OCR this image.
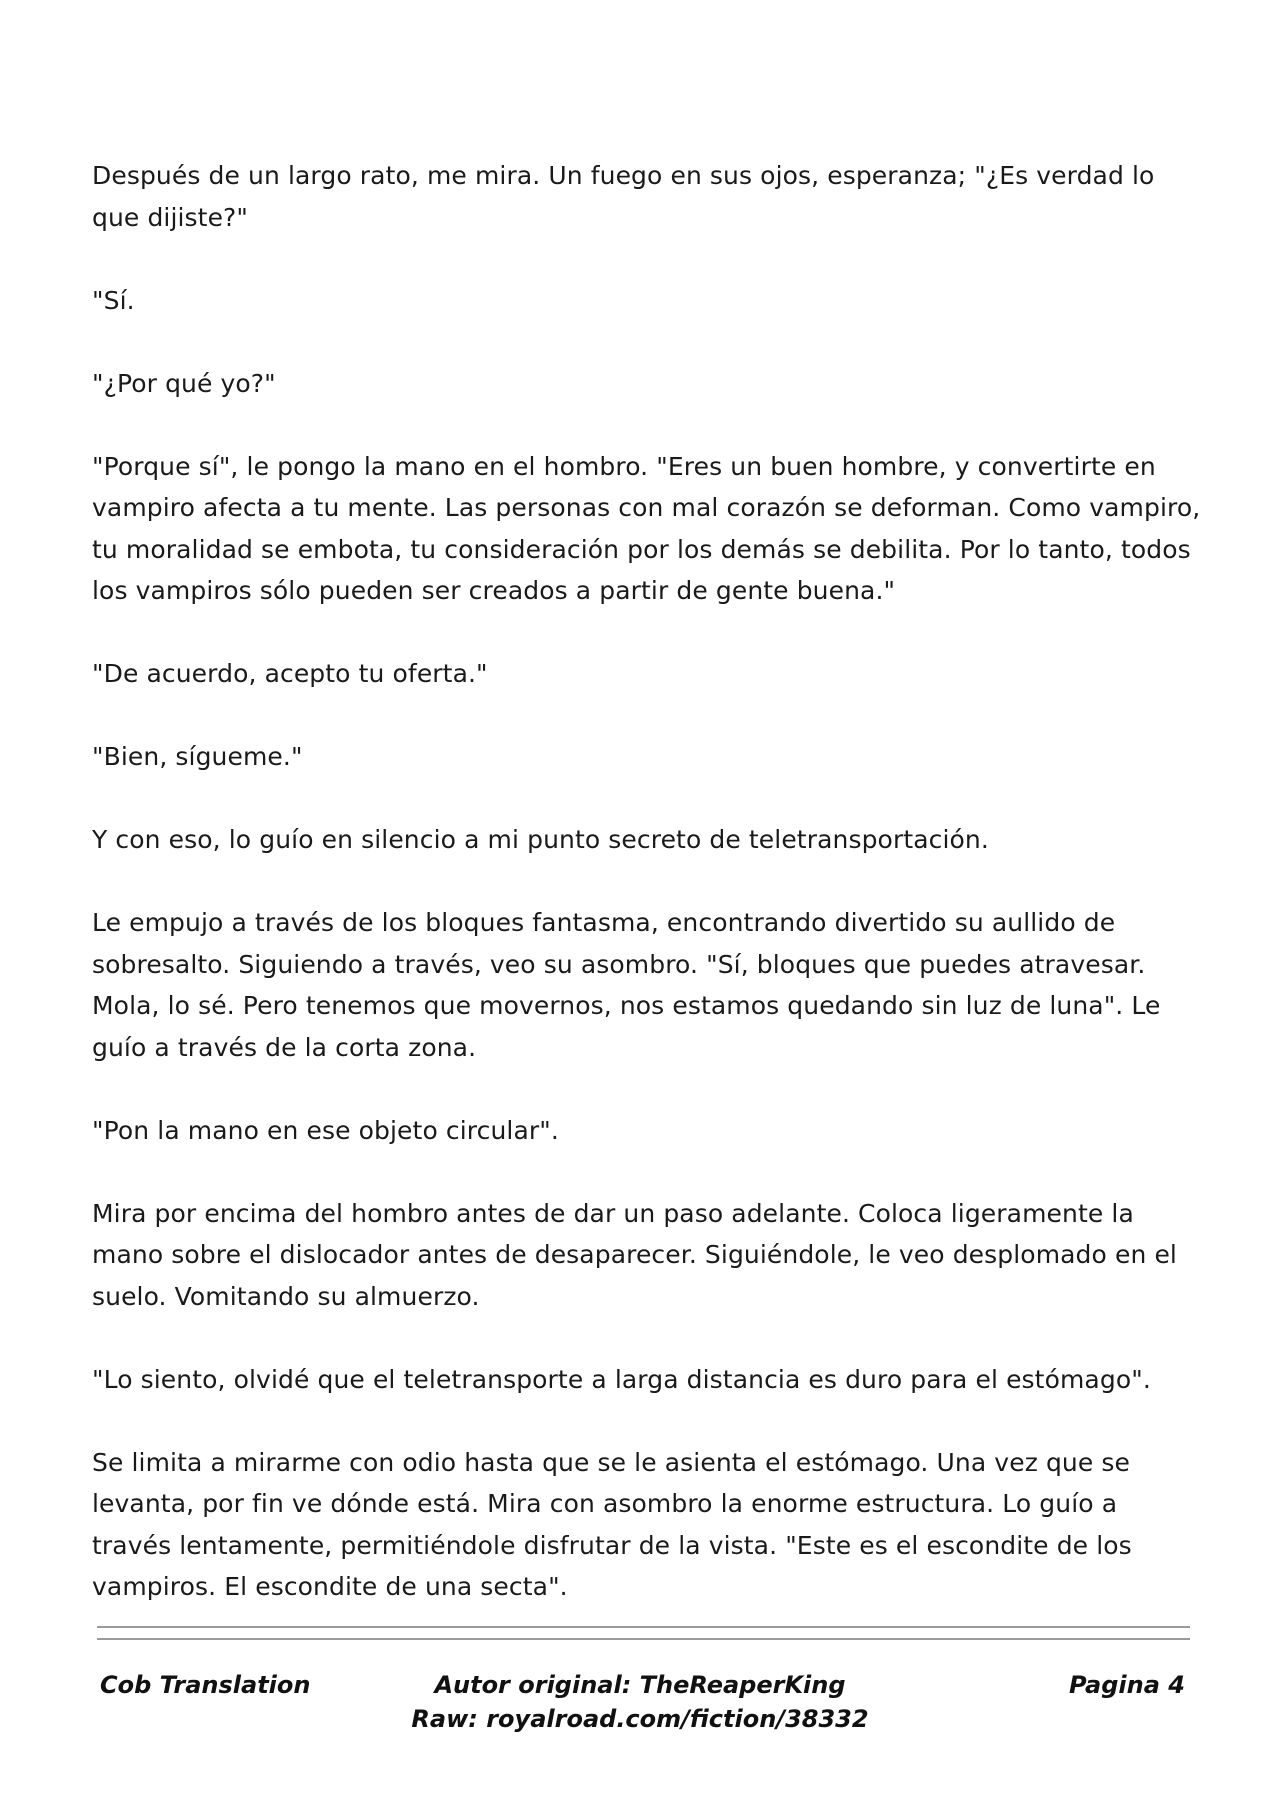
Después de un largo rato, me mira. Un fuego en sus ojos, esperanza; "¿Es verdad lo que dijiste?"

"Sí.

"¿Por qué yo?"

"Porque sí", le pongo la mano en el hombro. "Eres un buen hombre, y convertirte en vampiro afecta a tu mente. Las personas con mal corazón se deforman. Como vampiro, tu moralidad se embota, tu consideración por los demás se debilita. Por lo tanto, todos los vampiros sólo pueden ser creados a partir de gente buena."

"De acuerdo, acepto tu oferta."

"Bien, sígueme."

Y con eso, lo guío en silencio a mi punto secreto de teletransportación.

Le empujo a través de los bloques fantasma, encontrando divertido su aullido de sobresalto. Siguiendo a través, veo su asombro. "Sí, bloques que puedes atravesar. Mola, lo sé. Pero tenemos que movernos, nos estamos quedando sin luz de luna". Le guío a través de la corta zona.

"Pon la mano en ese objeto circular".

Mira por encima del hombro antes de dar un paso adelante. Coloca ligeramente la mano sobre el dislocador antes de desaparecer. Siguiéndole, le veo desplomado en el suelo. Vomitando su almuerzo.

"Lo siento, olvidé que el teletransporte a larga distancia es duro para el estómago".

Se limita a mirarme con odio hasta que se le asienta el estómago. Una vez que se levanta, por fin ve dónde está. Mira con asombro la enorme estructura. Lo guío a través lentamente, permitiéndole disfrutar de la vista. "Este es el escondite de los vampiros. El escondite de una secta".

Cob Translation	Autor original: TheReaperKing
Raw: royalroad.com/fiction/38332
Pagina 4
